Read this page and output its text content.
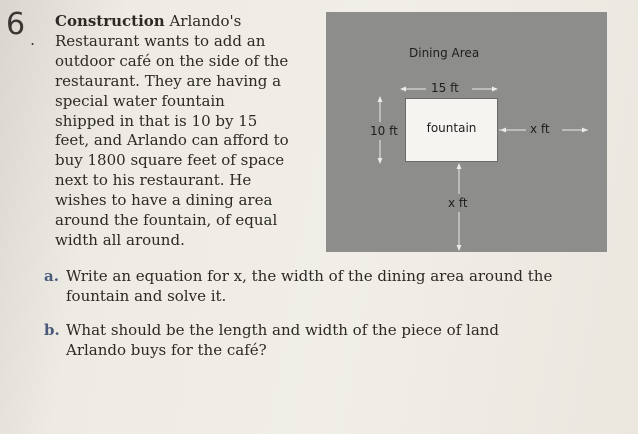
6 .
Construction Arlando's
Restaurant wants to add an
outdoor café on the side of the
restaurant. They are having a
special water fountain
shipped in that is 10 by 15
feet, and Arlando can afford to
buy 1800 square feet of space
next to his restaurant. He
wishes to have a dining area
around the fountain, of equal
width all around.
Dining Area
15 ft
10 ft	fountain	x ft
x ft
a. Write an equation for x, the width of the dining area around the
fountain and solve it.
b. What should be the length and width of the piece of land
Arlando buys for the café?
